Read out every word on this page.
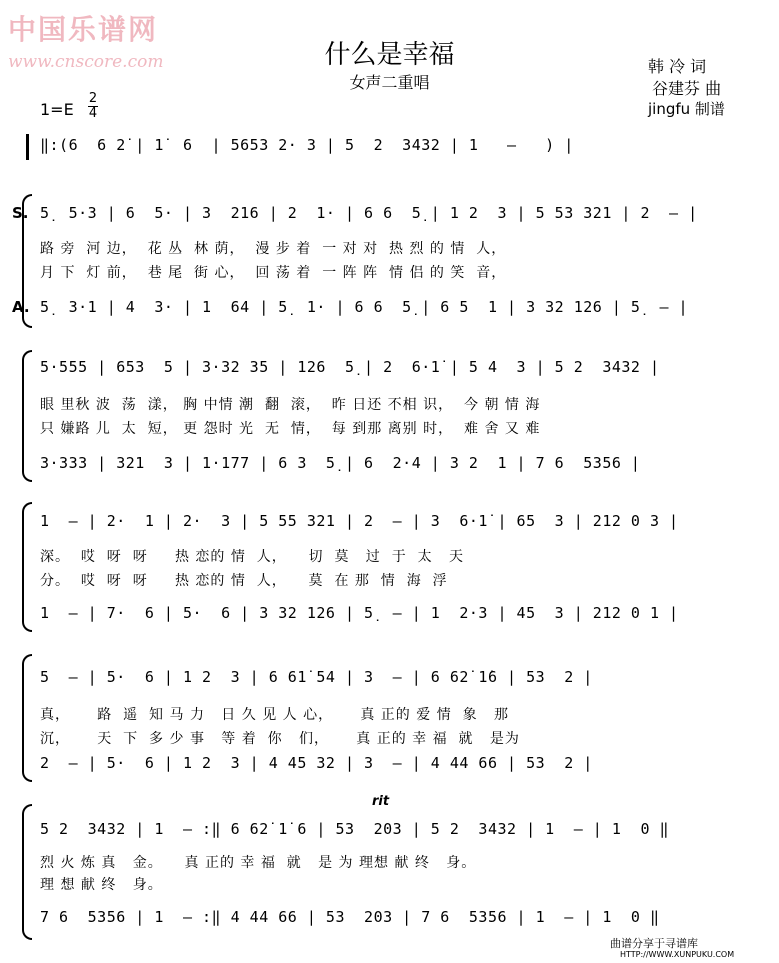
中国乐谱网
www.cnscore.com	什么是幸福
女声二重唱
韩 冷 词
谷建芬 曲
jingfu 制谱
1=E
2
4
‖:(6  6 2̇ | 1̇  6  | 5653 2· 3 | 5  2  3432 | 1   –   ) |
S.
A.
5̣  5·3 | 6  5· | 3  216 | 2  1· | 6 6  5̣ | 1 2  3 | 5 53 321 | 2  – |
路 旁  河 边，  花 丛  林 荫，  漫 步 着  一 对 对  热 烈 的 情  人，
月 下  灯 前，  巷 尾  街 心，  回 荡 着  一 阵 阵  情 侣 的 笑  音，
5̣  3·1 | 4  3· | 1  64 | 5̣  1· | 6 6  5̣ | 6 5  1 | 3 32 126 | 5̣  – |
5·555 | 653  5 | 3·32 35 | 126  5̣ | 2  6·1̇ | 5 4  3 | 5 2  3432 |
眼 里秋 波  荡  漾， 胸 中情 潮  翻  滚，  昨 日还 不相 识，  今 朝 情 海
只 嫌路 儿  太  短， 更 怨时 光  无  情，  每 到那 离别 时，  难 舍 又 难
3·333 | 321  3 | 1·177 | 6 3  5̣ | 6  2·4 | 3 2  1 | 7 6  5356 |
1  – | 2·  1 | 2·  3 | 5 55 321 | 2  – | 3  6·1̇ | 65  3 | 212 0 3 |
深。  哎  呀  呀     热 恋的 情  人，    切  莫   过  于  太   天
分。  哎  呀  呀     热 恋的 情  人，    莫  在 那  情  海  浮
1  – | 7·  6 | 5·  6 | 3 32 126 | 5̣  – | 1  2·3 | 45  3 | 212 0 1 |
5  – | 5·  6 | 1 2  3 | 6 61̇ 54 | 3  – | 6 62̇ 1̇6 | 53  2 |
真，     路  遥  知 马 力   日 久 见 人 心，     真 正的 爱 情  象   那
沉，     天  下  多 少 事   等 着  你   们，     真 正的 幸 福  就   是为
2  – | 5·  6 | 1 2  3 | 4 45 32 | 3  – | 4 44 66 | 53  2 |
rit
5 2  3432 | 1  – :‖ 6 62̇ 1̇ 6 | 53  203 | 5 2  3432 | 1  – | 1  0 ‖
烈 火 炼 真   金。    真 正的 幸 福  就   是 为 理想 献 终   身。
理 想 献 终   身。
7 6  5356 | 1  – :‖ 4 44 66 | 53  203 | 7 6  5356 | 1  – | 1  0 ‖
曲谱分享于寻谱库
HTTP://WWW.XUNPUKU.COM
